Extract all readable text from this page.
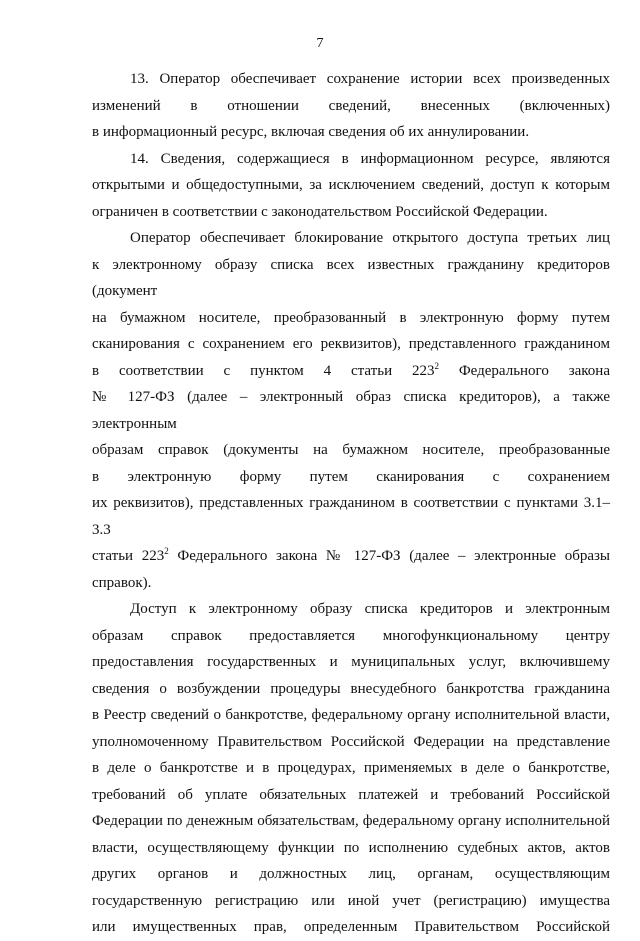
7
13. Оператор обеспечивает сохранение истории всех произведенных
изменений в отношении сведений, внесенных (включенных)
в информационный ресурс, включая сведения об их аннулировании.
14. Сведения, содержащиеся в информационном ресурсе, являются
открытыми и общедоступными, за исключением сведений, доступ к которым
ограничен в соответствии с законодательством Российской Федерации.
Оператор обеспечивает блокирование открытого доступа третьих лиц
к электронному образу списка всех известных гражданину кредиторов (документ
на бумажном носителе, преобразованный в электронную форму путем
сканирования с сохранением его реквизитов), представленного гражданином
в соответствии с пунктом 4 статьи $223^2$ Федерального закона
№ 127-ФЗ (далее – электронный образ списка кредиторов), а также электронным
образам справок (документы на бумажном носителе, преобразованные
в электронную форму путем сканирования с сохранением
их реквизитов), представленных гражданином в соответствии с пунктами 3.1–3.3
статьи $223^2$ Федерального закона № 127-ФЗ (далее – электронные образы
справок).
Доступ к электронному образу списка кредиторов и электронным
образам справок предоставляется многофункциональному центру
предоставления государственных и муниципальных услуг, включившему
сведения о возбуждении процедуры внесудебного банкротства гражданина
в Реестр сведений о банкротстве, федеральному органу исполнительной власти,
уполномоченному Правительством Российской Федерации на представление
в деле о банкротстве и в процедурах, применяемых в деле о банкротстве,
требований об уплате обязательных платежей и требований Российской
Федерации по денежным обязательствам, федеральному органу исполнительной
власти, осуществляющему функции по исполнению судебных актов, актов
других органов и должностных лиц, органам, осуществляющим
государственную регистрацию или иной учет (регистрацию) имущества
или имущественных прав, определенным Правительством Российской
